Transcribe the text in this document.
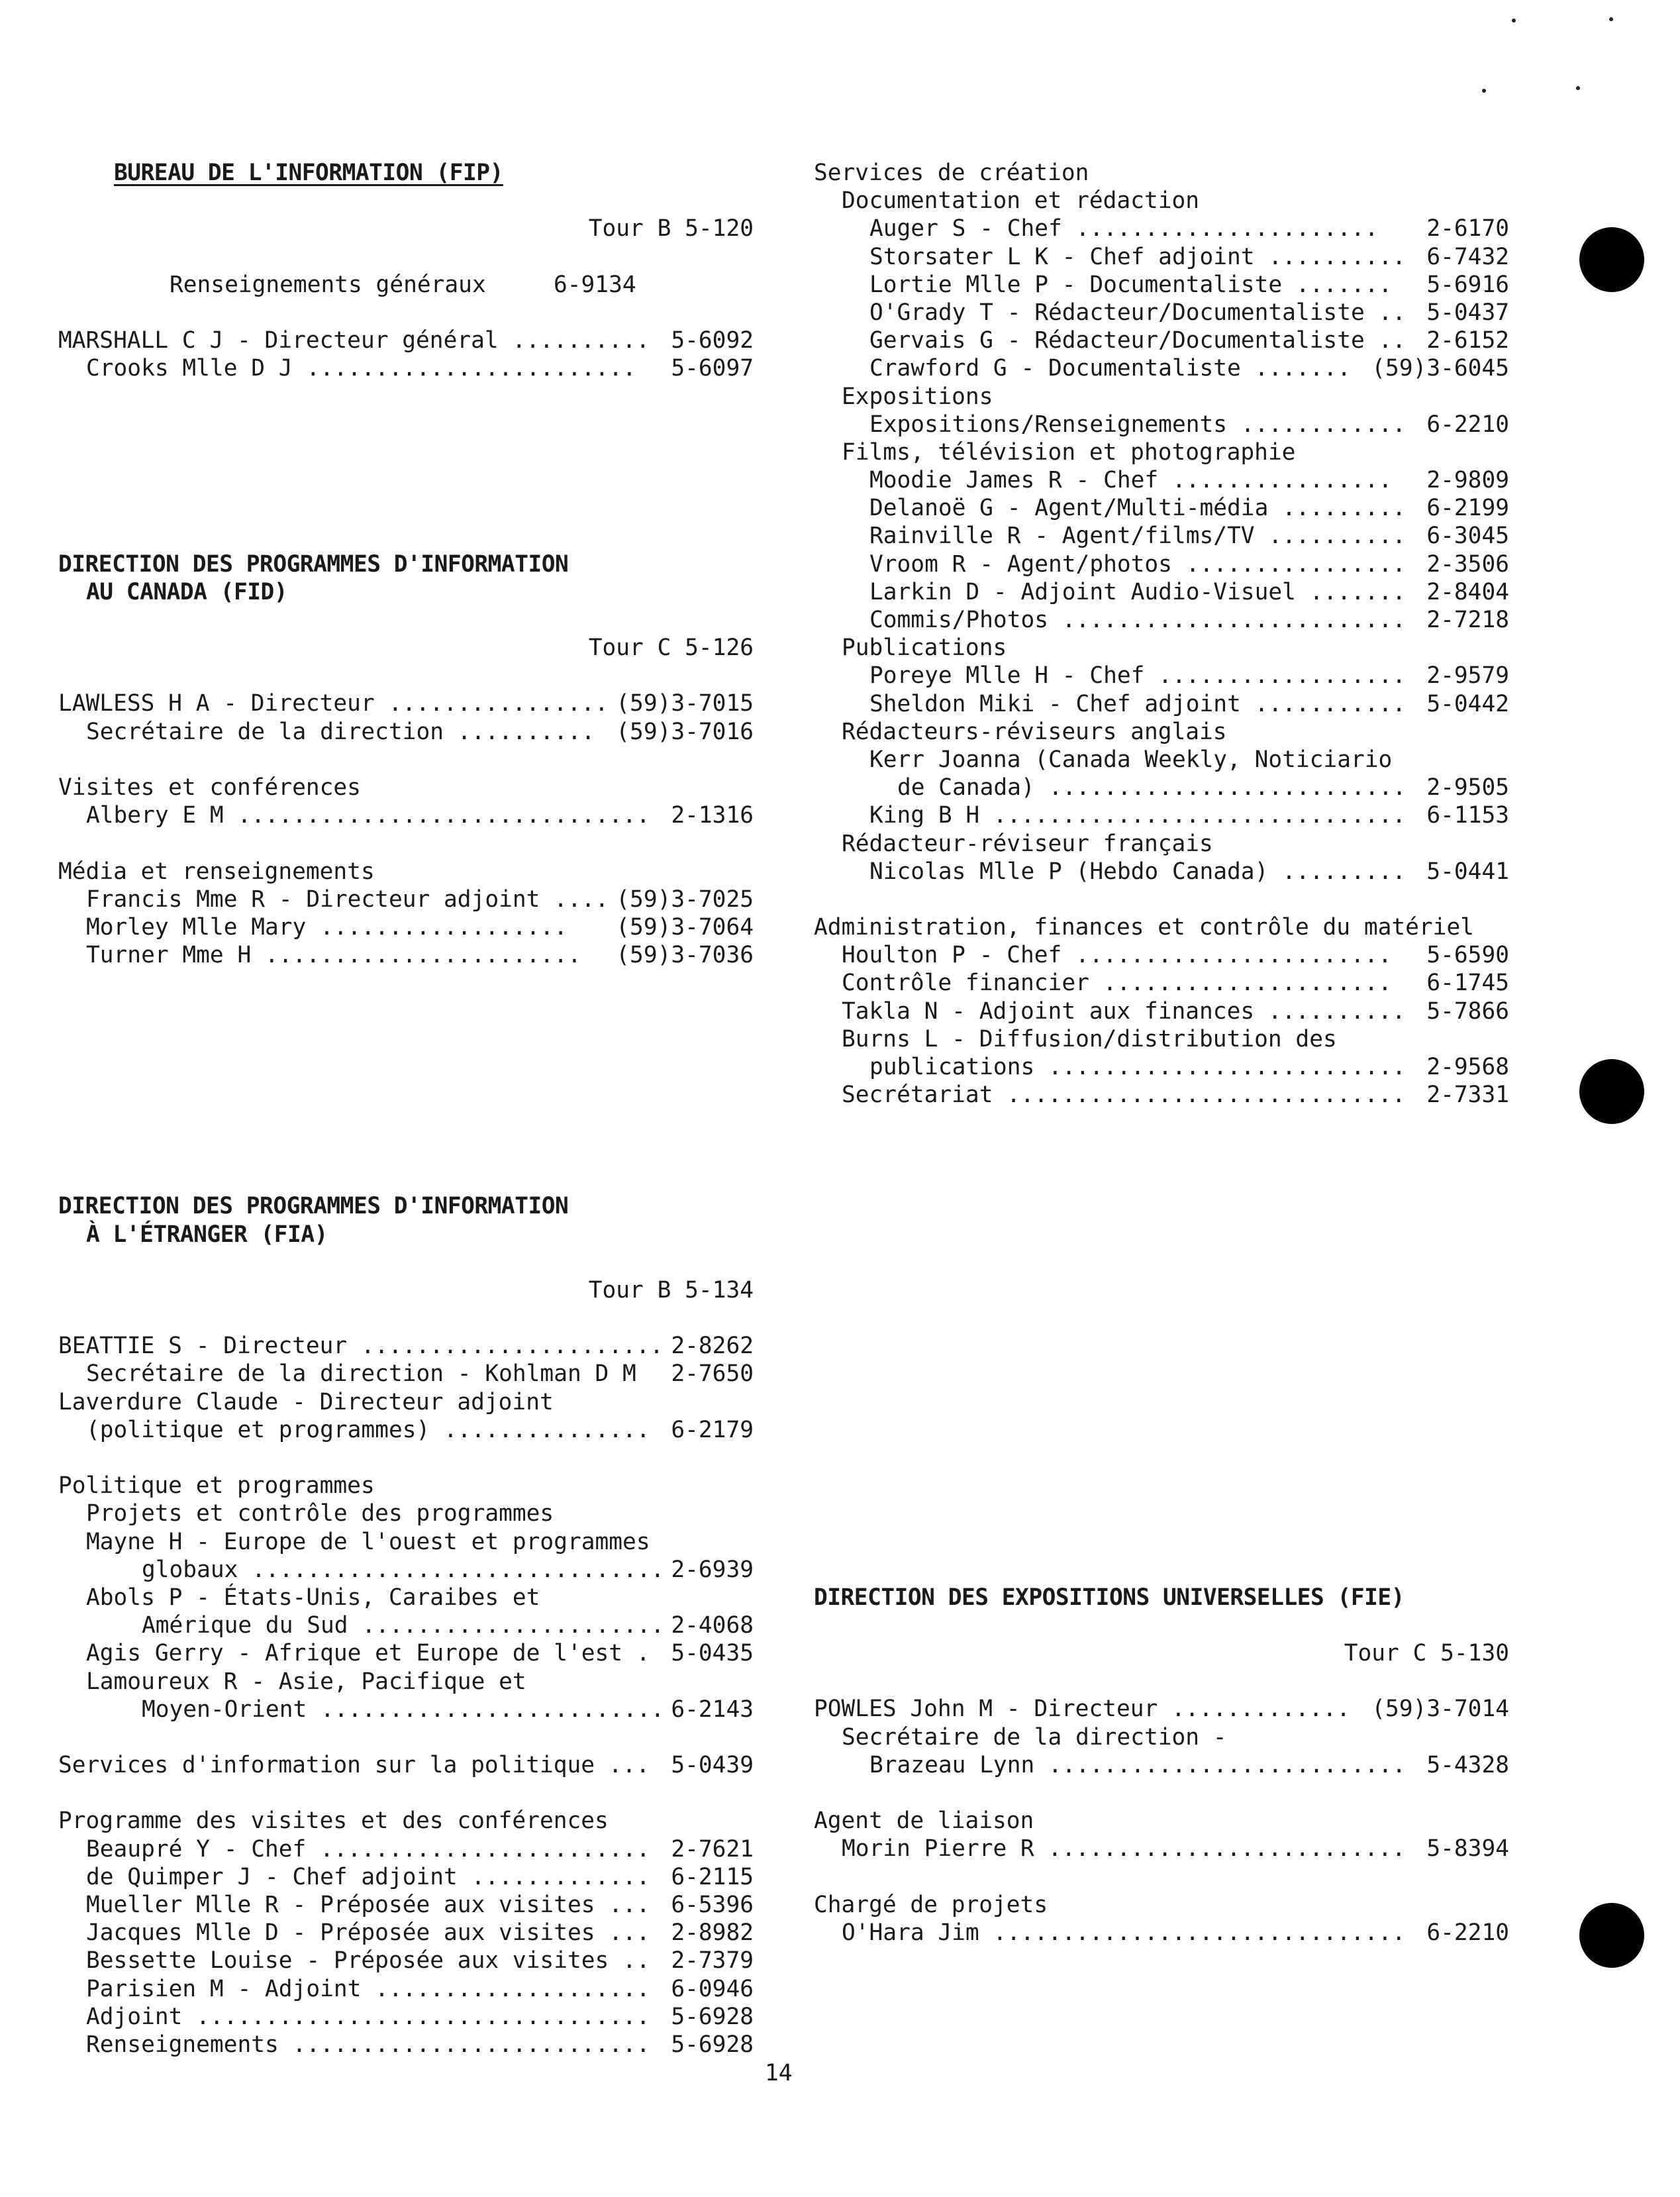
BUREAU DE L'INFORMATION (FIP)
Tour B 5-120
Renseignements généraux	6-9134
MARSHALL C J - Directeur général .......... 5-6092
Crooks Mlle D J ........................ 5-6097
DIRECTION DES PROGRAMMES D'INFORMATION
AU CANADA (FID)
Tour C 5-126
LAWLESS H A - Directeur ................ (59)3-7015
Secrétaire de la direction .......... (59)3-7016
Visites et conférences
Albery E M .............................. 2-1316
Média et renseignements
Francis Mme R - Directeur adjoint .... (59)3-7025
Morley Mlle Mary .................. (59)3-7064
Turner Mme H ....................... (59)3-7036
DIRECTION DES PROGRAMMES D'INFORMATION
À L'ÉTRANGER (FIA)
Tour B 5-134
BEATTIE S - Directeur ...................... 2-8262
Secrétaire de la direction - Kohlman D M 2-7650
Laverdure Claude - Directeur adjoint
(politique et programmes) ............... 6-2179
Politique et programmes
Projets et contrôle des programmes
Mayne H - Europe de l'ouest et programmes
globaux .............................. 2-6939
Abols P - États-Unis, Caraibes et
Amérique du Sud ...................... 2-4068
Agis Gerry - Afrique et Europe de l'est . 5-0435
Lamoureux R - Asie, Pacifique et
Moyen-Orient ......................... 6-2143
Services d'information sur la politique ... 5-0439
Programme des visites et des conférences
Beaupré Y - Chef ........................ 2-7621
de Quimper J - Chef adjoint ............. 6-2115
Mueller Mlle R - Préposée aux visites ... 6-5396
Jacques Mlle D - Préposée aux visites ... 2-8982
Bessette Louise - Préposée aux visites .. 2-7379
Parisien M - Adjoint .................... 6-0946
Adjoint ................................. 5-6928
Renseignements .......................... 5-6928
Services de création
Documentation et rédaction
Auger S - Chef ...................... 2-6170
Storsater L K - Chef adjoint .......... 6-7432
Lortie Mlle P - Documentaliste ....... 5-6916
O'Grady T - Rédacteur/Documentaliste .. 5-0437
Gervais G - Rédacteur/Documentaliste .. 2-6152
Crawford G - Documentaliste ....... (59)3-6045
Expositions
Expositions/Renseignements ............ 6-2210
Films, télévision et photographie
Moodie James R - Chef ................ 2-9809
Delanoë G - Agent/Multi-média ......... 6-2199
Rainville R - Agent/films/TV .......... 6-3045
Vroom R - Agent/photos ................ 2-3506
Larkin D - Adjoint Audio-Visuel ....... 2-8404
Commis/Photos ......................... 2-7218
Publications
Poreye Mlle H - Chef .................. 2-9579
Sheldon Miki - Chef adjoint ........... 5-0442
Rédacteurs-réviseurs anglais
Kerr Joanna (Canada Weekly, Noticiario
de Canada) .......................... 2-9505
King B H .............................. 6-1153
Rédacteur-réviseur français
Nicolas Mlle P (Hebdo Canada) ......... 5-0441
Administration, finances et contrôle du matériel
Houlton P - Chef ....................... 5-6590
Contrôle financier ..................... 6-1745
Takla N - Adjoint aux finances .......... 5-7866
Burns L - Diffusion/distribution des
publications .......................... 2-9568
Secrétariat ............................. 2-7331
DIRECTION DES EXPOSITIONS UNIVERSELLES (FIE)
Tour C 5-130
POWLES John M - Directeur ............. (59)3-7014
Secrétaire de la direction -
Brazeau Lynn .......................... 5-4328
Agent de liaison
Morin Pierre R .......................... 5-8394
Chargé de projets
O'Hara Jim .............................. 6-2210
14
